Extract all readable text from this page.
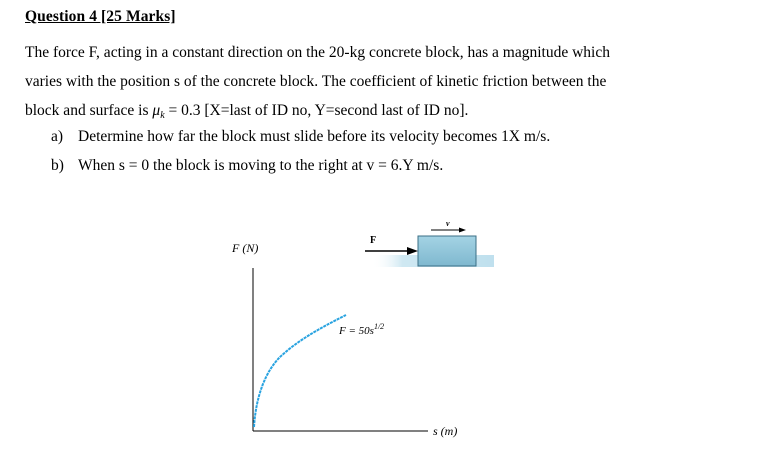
Question 4 [25 Marks]
The force F, acting in a constant direction on the 20-kg concrete block, has a magnitude which
varies with the position s of the concrete block. The coefficient of kinetic friction between the
block and surface is $\mu_k = 0.3$ [X=last of ID no, Y=second last of ID no].
a) Determine how far the block must slide before its velocity becomes 1X m/s.
b) When s = 0 the block is moving to the right at v = 6.Y m/s.
F (N)
s (m)
$F = 50s^{1/2}$
F
v
